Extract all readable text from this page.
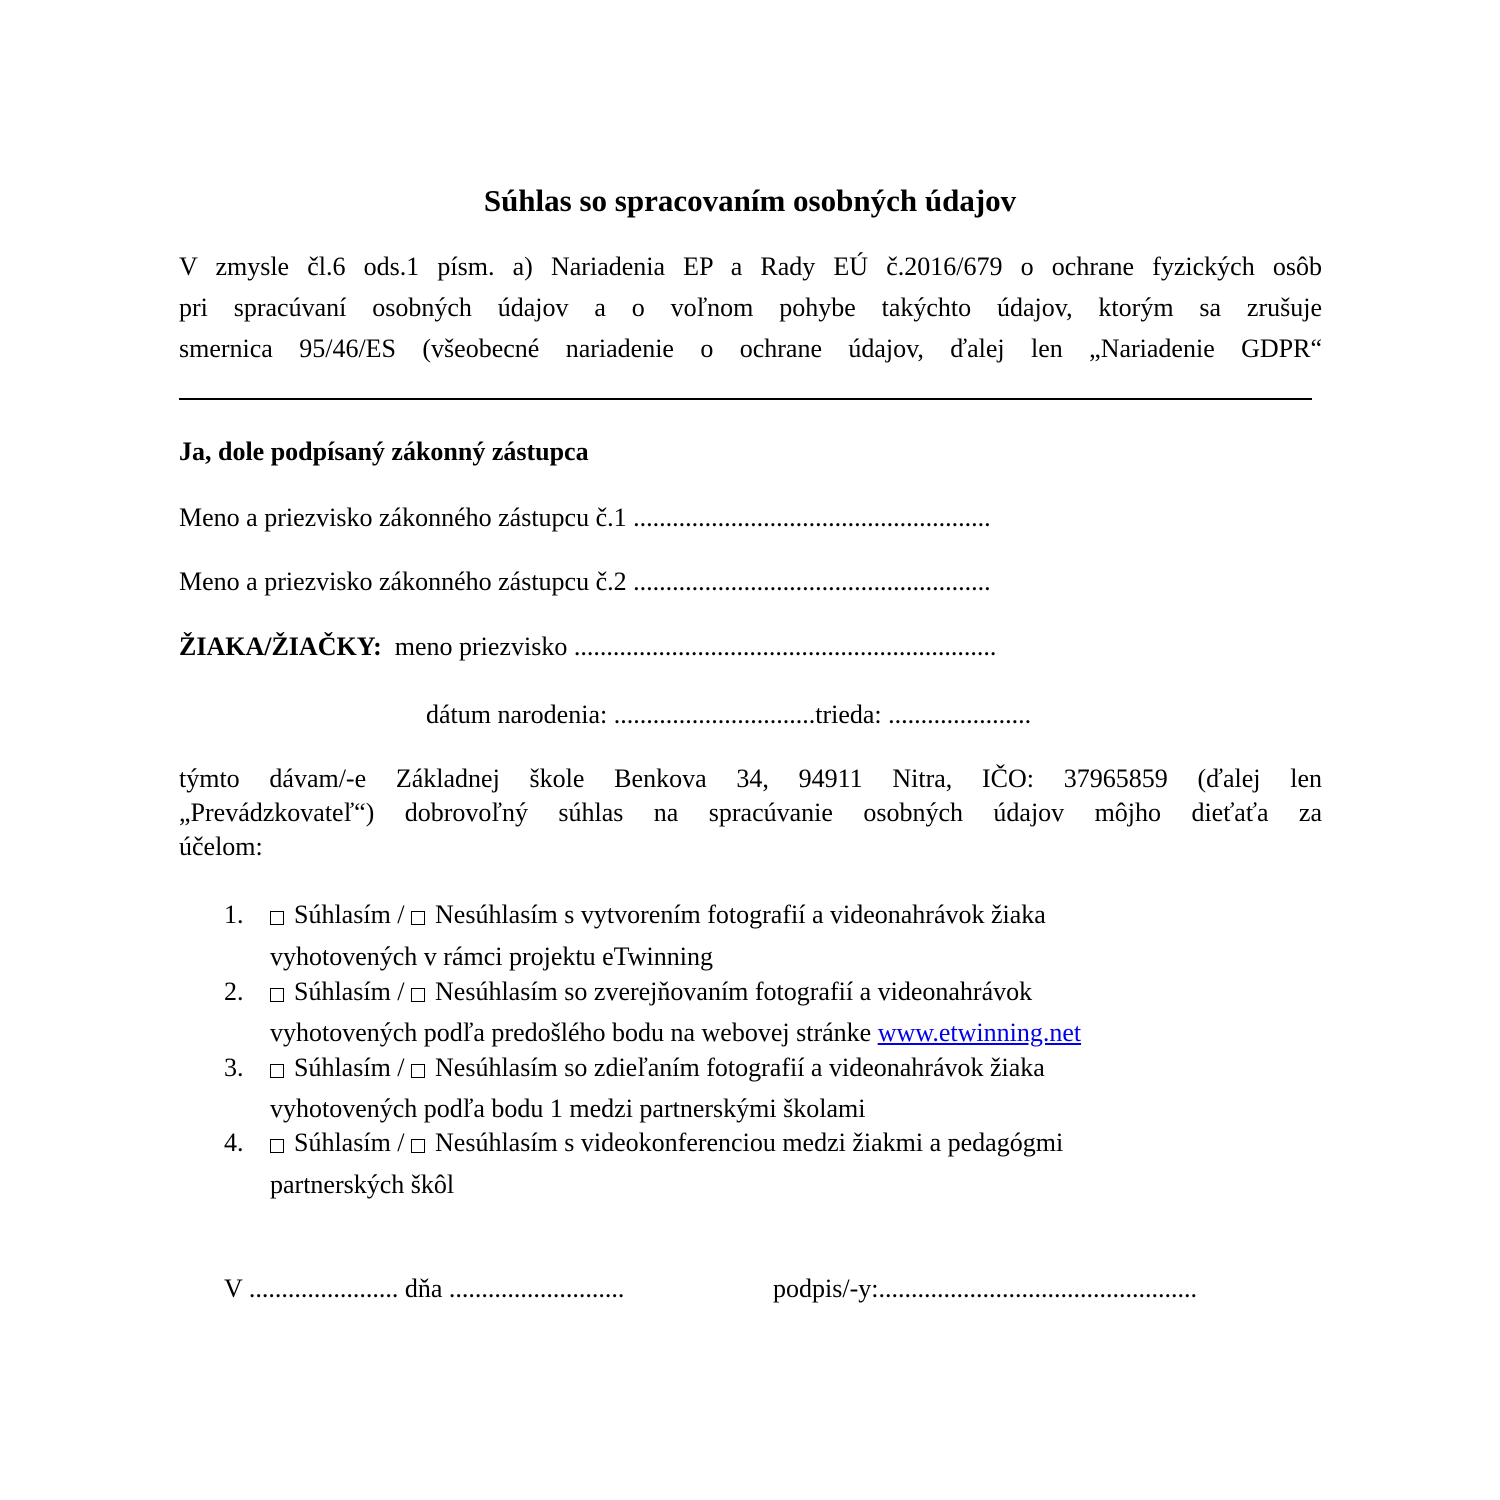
Súhlas so spracovaním osobných údajov
V zmysle čl.6 ods.1 písm. a) Nariadenia EP a Rady EÚ č.2016/679 o ochrane fyzických osôb
pri spracúvaní osobných údajov a o voľnom pohybe takýchto údajov, ktorým sa zrušuje
smernica 95/46/ES (všeobecné nariadenie o ochrane údajov, ďalej len „Nariadenie GDPR“
Ja, dole podpísaný zákonný zástupca
Meno a priezvisko zákonného zástupcu č.1 .......................................................
Meno a priezvisko zákonného zástupcu č.2 .......................................................
ŽIAKA/ŽIAČKY: meno priezvisko .................................................................
dátum narodenia: ...............................trieda: ......................
týmto dávam/-e Základnej škole Benkova 34, 94911 Nitra, IČO: 37965859 (ďalej len
„Prevádzkovateľ“) dobrovoľný súhlas na spracúvanie osobných údajov môjho dieťaťa za
účelom:
1. Súhlasím / Nesúhlasím s vytvorením fotografií a videonahrávok žiaka
vyhotovených v rámci projektu eTwinning
2. Súhlasím / Nesúhlasím so zverejňovaním fotografií a videonahrávok
vyhotovených podľa predošlého bodu na webovej stránke www.etwinning.net
3. Súhlasím / Nesúhlasím so zdieľaním fotografií a videonahrávok žiaka
vyhotovených podľa bodu 1 medzi partnerskými školami
4. Súhlasím / Nesúhlasím s videokonferenciou medzi žiakmi a pedagógmi
partnerských škôl
V ....................... dňa ...........................	podpis/-y:.................................................
